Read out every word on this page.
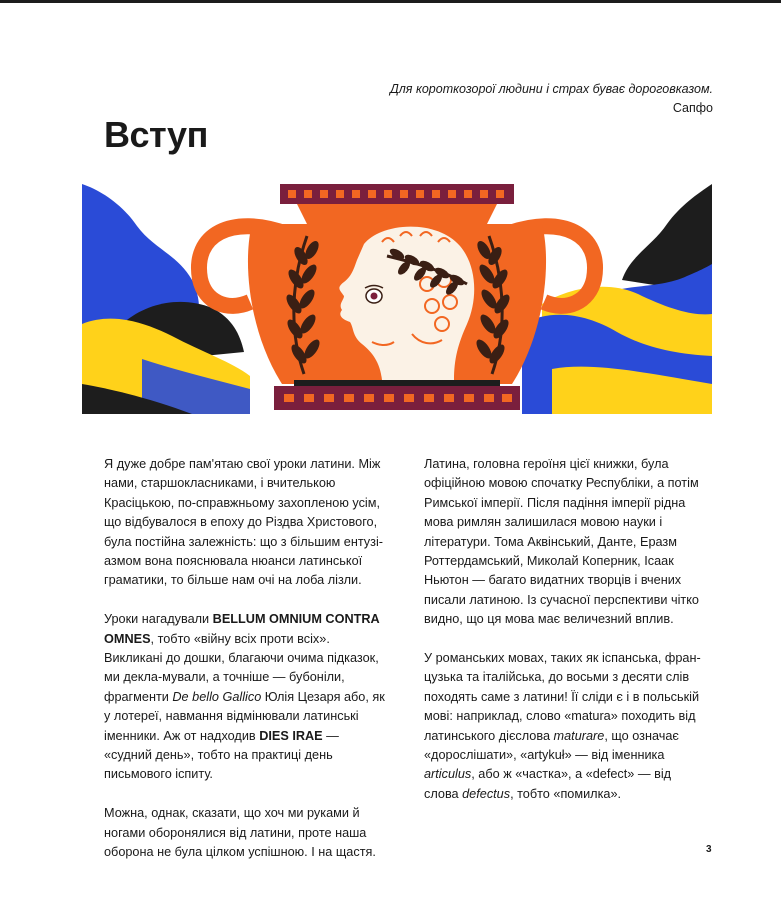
Для короткозорої людини і страх буває дороговказом.
Сапфо
Вступ

Я дуже добре пам'ятаю свої уроки латини. Між нами, старшокласниками, і вчителькою Красіцькою, по-справжньому захопленою усім, що відбувалося в епоху до Різдва Христового, була постійна залежність: що з більшим ентузі-азмом вона пояснювала нюанси латинської граматики, то більше нам очі на лоба лізли.

Уроки нагадували BELLUM OMNIUM CONTRA OMNES, тобто «війну всіх проти всіх». Викликані до дошки, благаючи очима підказок, ми декла-мували, а точніше — бубоніли, фрагменти De bello Gallico Юлія Цезаря або, як у лотереї, навмання відмінювали латинські іменники. Аж от надходив DIES IRAE — «судний день», тобто на практиці день письмового іспиту.

Можна, однак, сказати, що хоч ми руками й ногами оборонялися від латини, проте наша оборона не була цілком успішною. І на щастя.

Латина, головна героїня цієї книжки, була офіційною мовою спочатку Республіки, а потім Римської імперії. Після падіння імперії рідна мова римлян залишилася мовою науки і літератури. Тома Аквінський, Данте, Еразм Роттердамський, Миколай Коперник, Ісаак Ньютон — багато видатних творців і вчених писали латиною. Із сучасної перспективи чітко видно, що ця мова має величезний вплив.

У романських мовах, таких як іспанська, фран-цузька та італійська, до восьми з десяти слів походять саме з латини! Її сліди є і в польській мові: наприклад, слово «matura» походить від латинського дієслова maturare, що означає «дорослішати», «artykuł» — від іменника articulus, або ж «частка», а «defect» — від слова defectus, тобто «помилка».

3
